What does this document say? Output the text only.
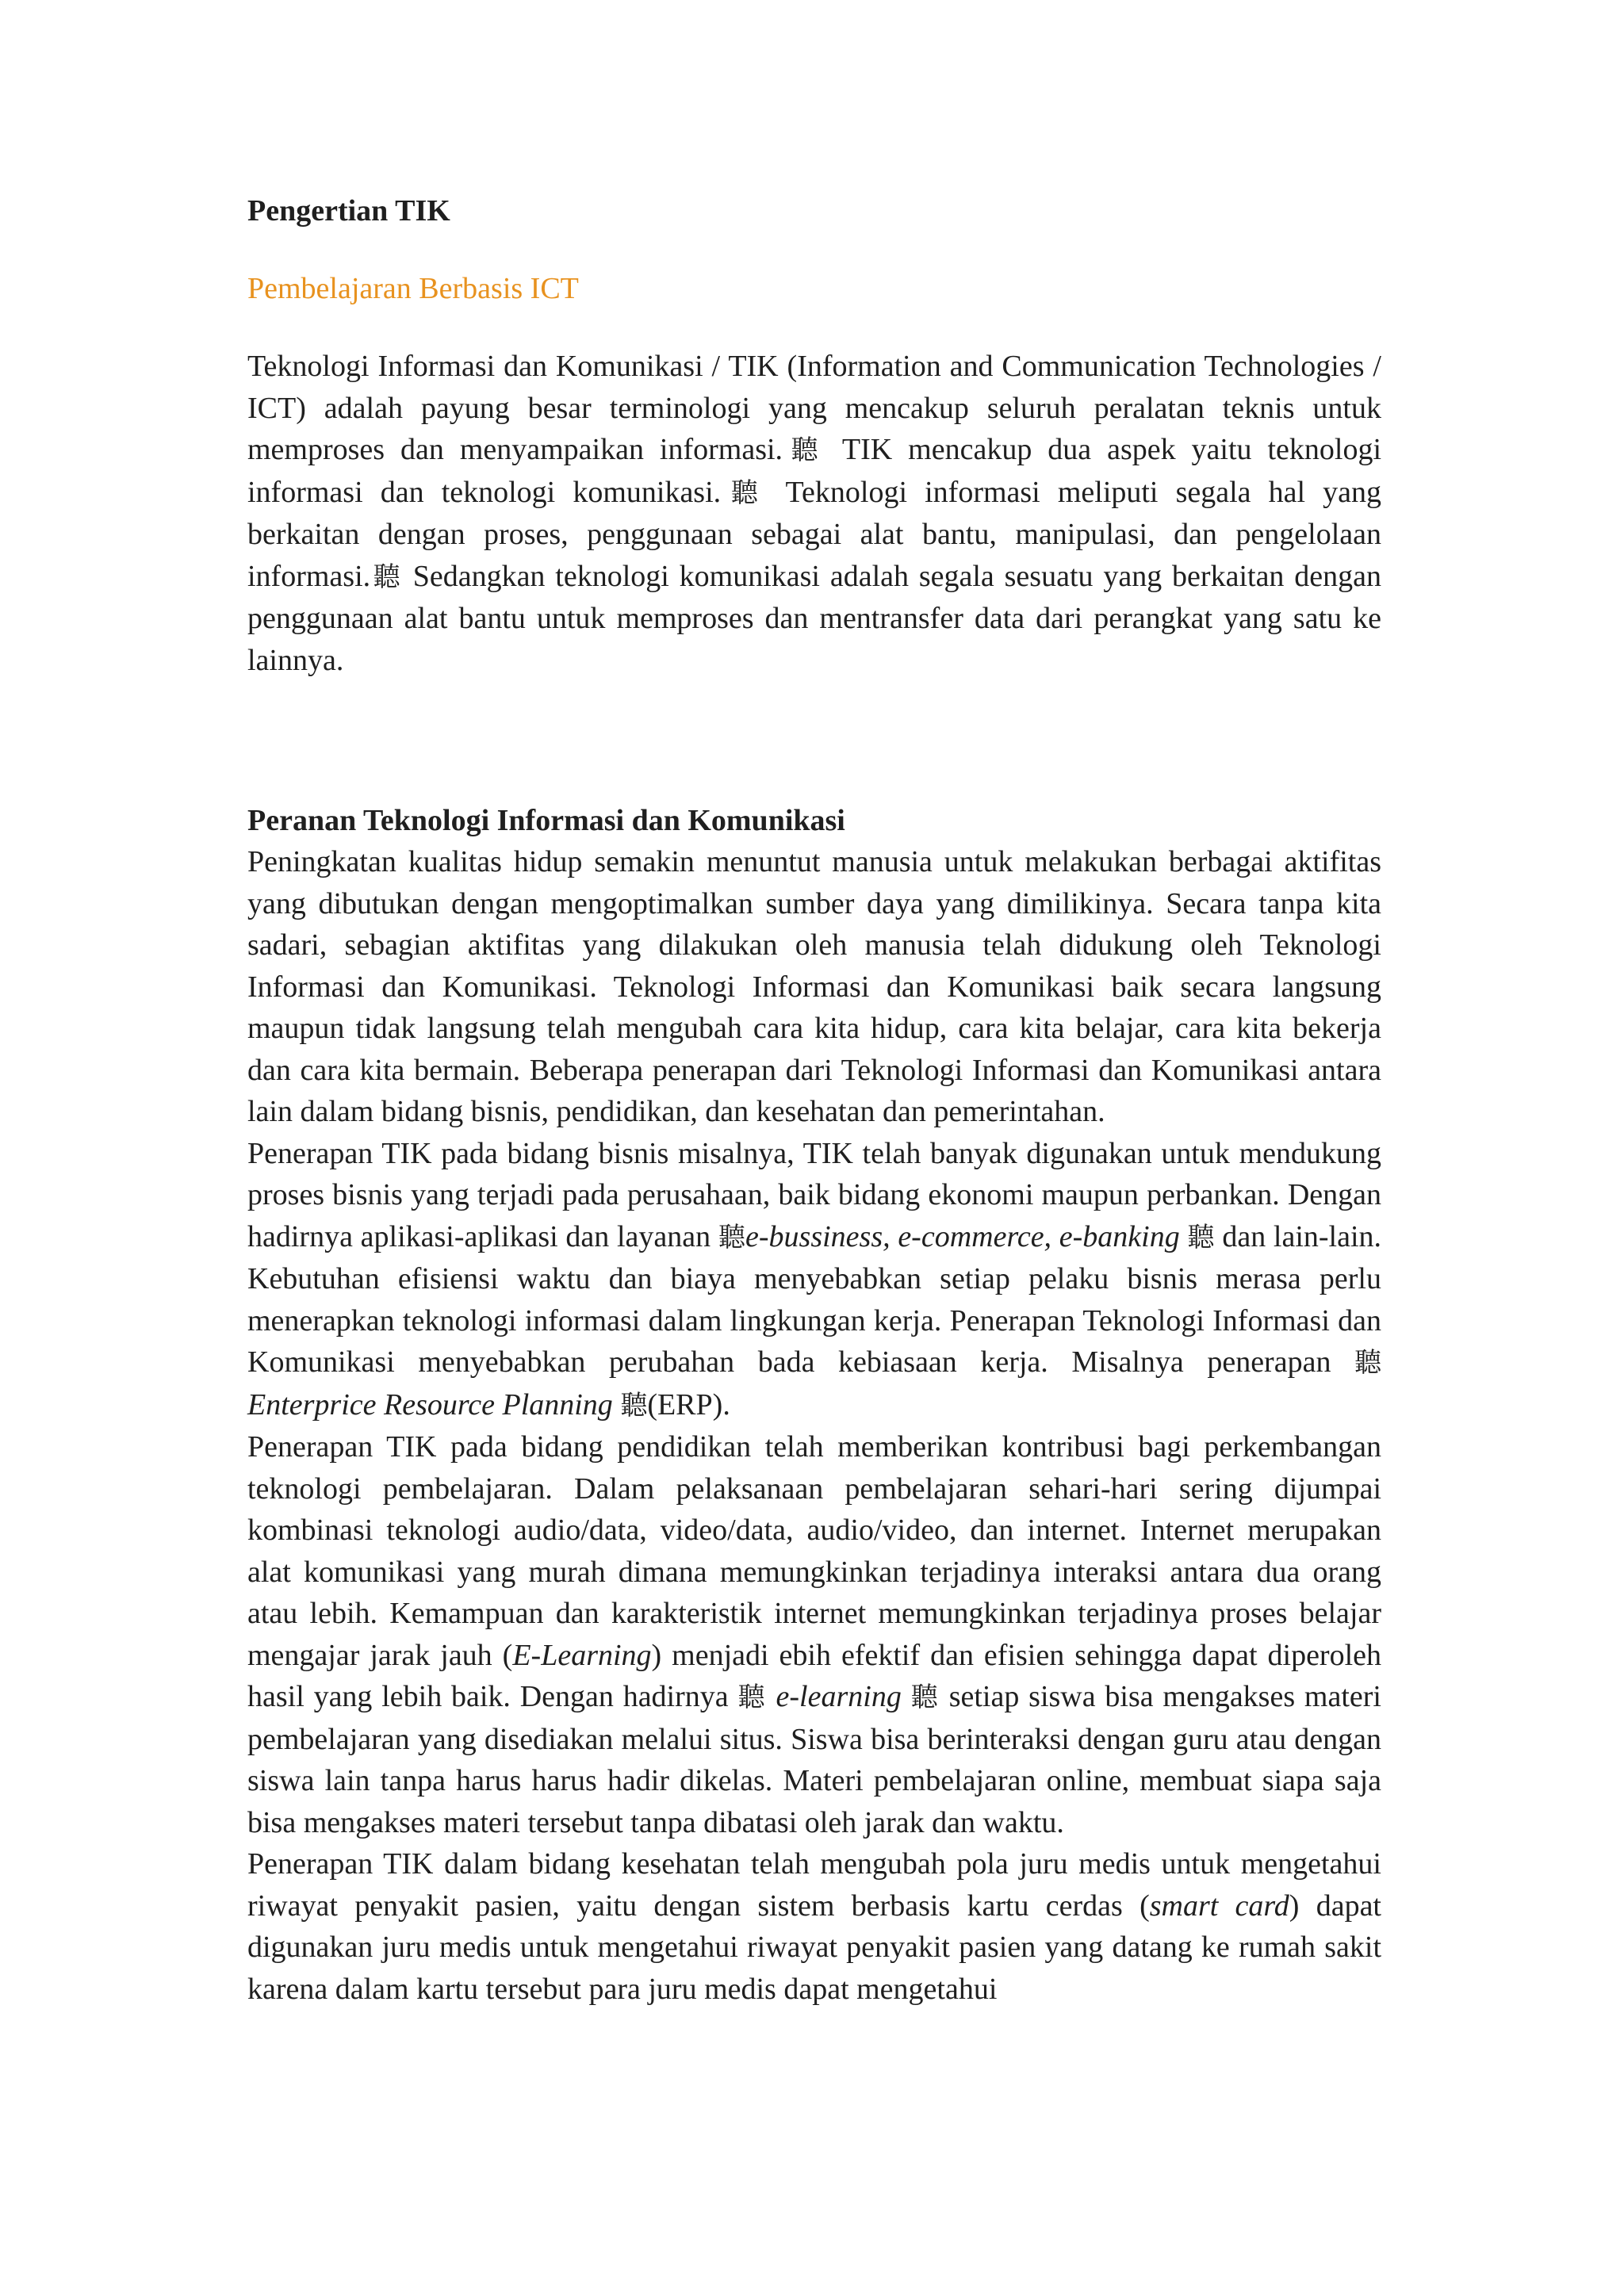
Pengertian TIK
Pembelajaran Berbasis ICT

Teknologi Informasi dan Komunikasi / TIK (Information and Communication Technologies / ICT) adalah payung besar terminologi yang mencakup seluruh peralatan teknis untuk memproses dan menyampaikan informasi.聽 TIK mencakup dua aspek yaitu teknologi informasi dan teknologi komunikasi.聽 Teknologi informasi meliputi segala hal yang berkaitan dengan proses, penggunaan sebagai alat bantu, manipulasi, dan pengelolaan informasi.聽 Sedangkan teknologi komunikasi adalah segala sesuatu yang berkaitan dengan penggunaan alat bantu untuk memproses dan mentransfer data dari perangkat yang satu ke lainnya.

Peranan Teknologi Informasi dan Komunikasi

Peningkatan kualitas hidup semakin menuntut manusia untuk melakukan berbagai aktifitas yang dibutukan dengan mengoptimalkan sumber daya yang dimilikinya. Secara tanpa kita sadari, sebagian aktifitas yang dilakukan oleh manusia telah didukung oleh Teknologi Informasi dan Komunikasi. Teknologi Informasi dan Komunikasi baik secara langsung maupun tidak langsung telah mengubah cara kita hidup, cara kita belajar, cara kita bekerja dan cara kita bermain. Beberapa penerapan dari Teknologi Informasi dan Komunikasi antara lain dalam bidang bisnis, pendidikan, dan kesehatan dan pemerintahan.

Penerapan TIK pada bidang bisnis misalnya, TIK telah banyak digunakan untuk mendukung proses bisnis yang terjadi pada perusahaan, baik bidang ekonomi maupun perbankan. Dengan hadirnya aplikasi-aplikasi dan layanan 聽e-bussiness, e-commerce, e-banking 聽 dan lain-lain. Kebutuhan efisiensi waktu dan biaya menyebabkan setiap pelaku bisnis merasa perlu menerapkan teknologi informasi dalam lingkungan kerja. Penerapan Teknologi Informasi dan Komunikasi menyebabkan perubahan bada kebiasaan kerja. Misalnya penerapan 聽 Enterprice Resource Planning 聽(ERP).

Penerapan TIK pada bidang pendidikan telah memberikan kontribusi bagi perkembangan teknologi pembelajaran. Dalam pelaksanaan pembelajaran sehari-hari sering dijumpai kombinasi teknologi audio/data, video/data, audio/video, dan internet. Internet merupakan alat komunikasi yang murah dimana memungkinkan terjadinya interaksi antara dua orang atau lebih. Kemampuan dan karakteristik internet memungkinkan terjadinya proses belajar mengajar jarak jauh (E-Learning) menjadi ebih efektif dan efisien sehingga dapat diperoleh hasil yang lebih baik. Dengan hadirnya 聽 e-learning 聽 setiap siswa bisa mengakses materi pembelajaran yang disediakan melalui situs. Siswa bisa berinteraksi dengan guru atau dengan siswa lain tanpa harus harus hadir dikelas. Materi pembelajaran online, membuat siapa saja bisa mengakses materi tersebut tanpa dibatasi oleh jarak dan waktu.

Penerapan TIK dalam bidang kesehatan telah mengubah pola juru medis untuk mengetahui riwayat penyakit pasien, yaitu dengan sistem berbasis kartu cerdas (smart card) dapat digunakan juru medis untuk mengetahui riwayat penyakit pasien yang datang ke rumah sakit karena dalam kartu tersebut para juru medis dapat mengetahui
